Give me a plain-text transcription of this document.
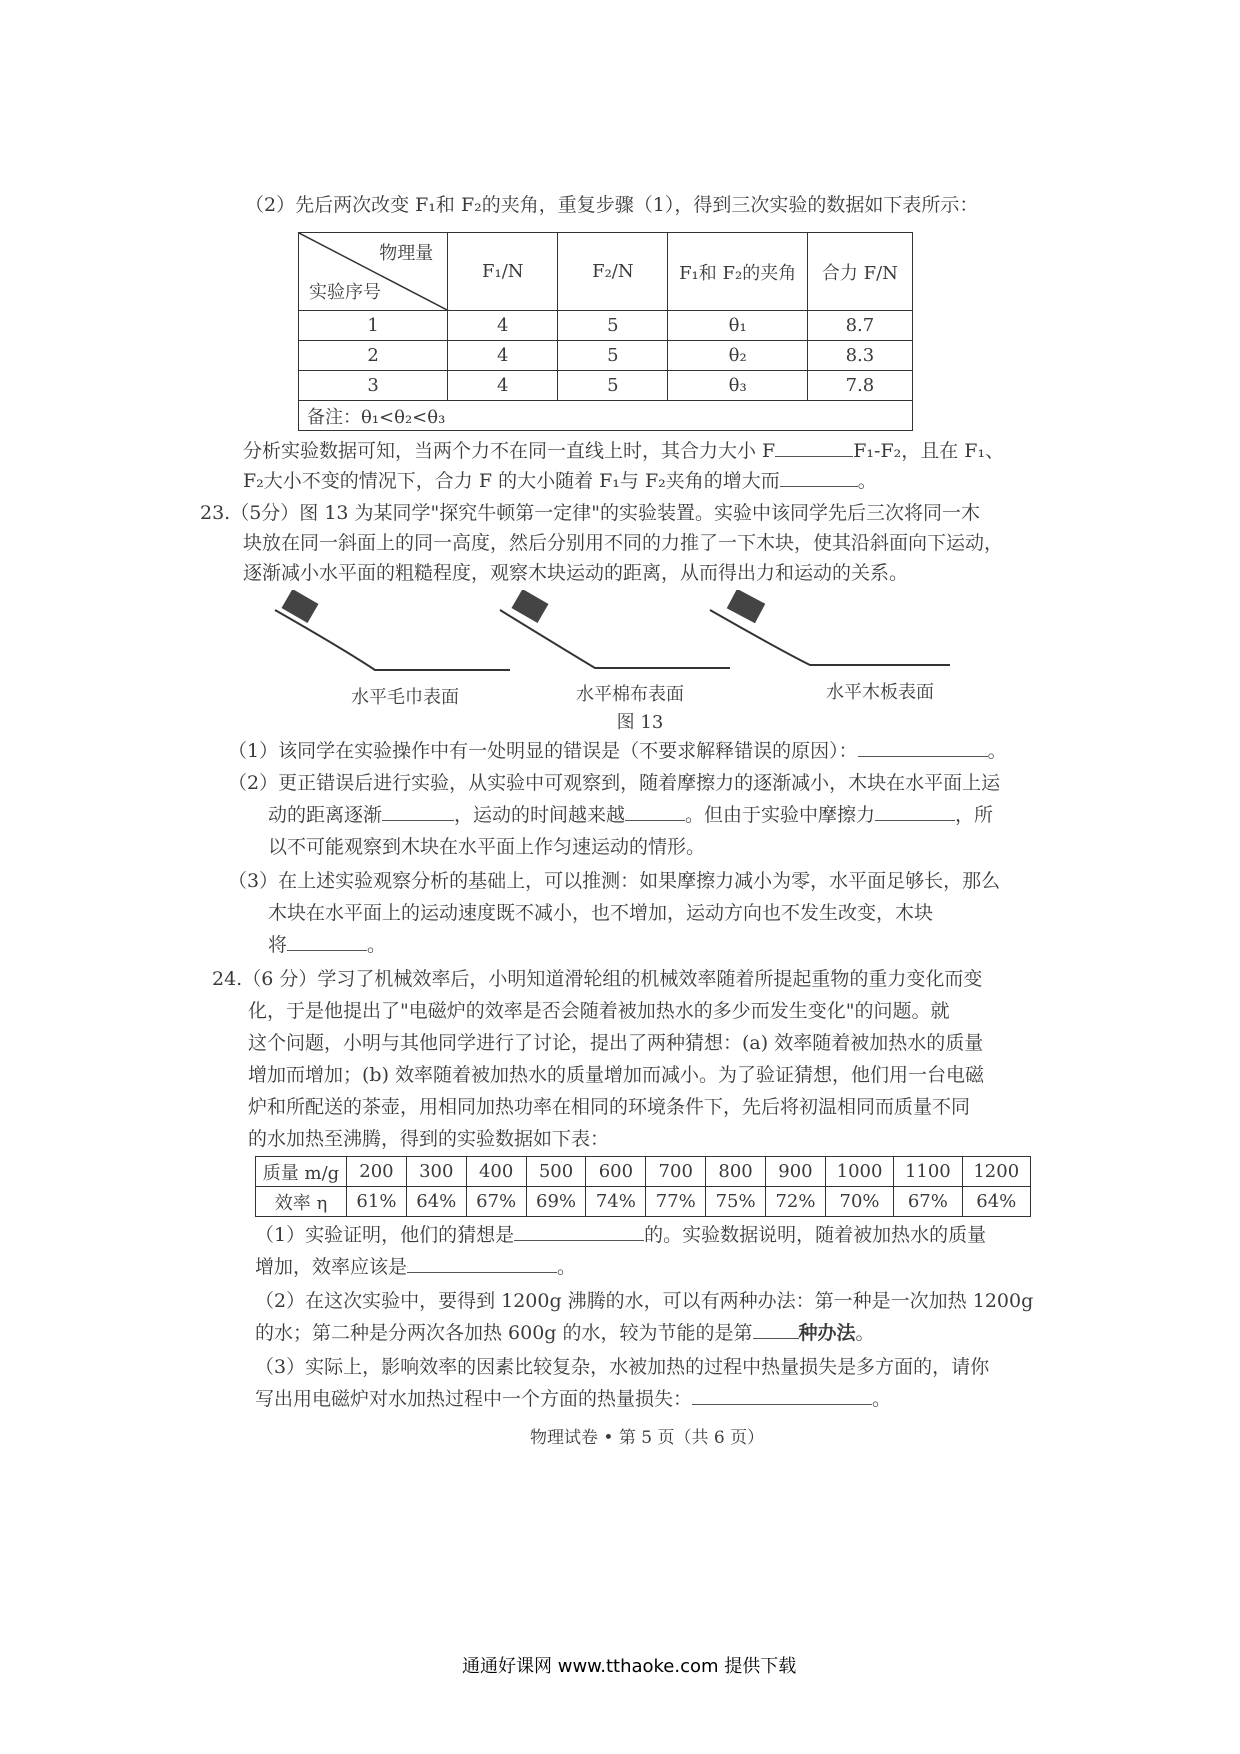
（2）先后两次改变 F₁和 F₂的夹角，重复步骤（1），得到三次实验的数据如下表所示：
物理量
实验序号	F₁/N	F₂/N	F₁和 F₂的夹角	合力 F/N
1	4	5	θ₁	8.7
2	4	5	θ₂	8.3
3	4	5	θ₃	7.8
备注：θ₁<θ₂<θ₃				
分析实验数据可知，当两个力不在同一直线上时，其合力大小 F	F₁-F₂，且在 F₁、
F₂大小不变的情况下，合力 F 的大小随着 F₁与 F₂夹角的增大而	。
23.（5分）图 13 为某同学"探究牛顿第一定律"的实验装置。实验中该同学先后三次将同一木
块放在同一斜面上的同一高度，然后分别用不同的力推了一下木块，使其沿斜面向下运动，
逐渐减小水平面的粗糙程度，观察木块运动的距离，从而得出力和运动的关系。
水平毛巾表面	水平棉布表面	水平木板表面
图 13
（1）该同学在实验操作中有一处明显的错误是（不要求解释错误的原因）：	。
（2）更正错误后进行实验，从实验中可观察到，随着摩擦力的逐渐减小，木块在水平面上运
动的距离逐渐	，运动的时间越来越	。但由于实验中摩擦力	，所
以不可能观察到木块在水平面上作匀速运动的情形。
（3）在上述实验观察分析的基础上，可以推测：如果摩擦力减小为零，水平面足够长，那么
木块在水平面上的运动速度既不减小，也不增加，运动方向也不发生改变，木块
将	。
24.（6 分）学习了机械效率后，小明知道滑轮组的机械效率随着所提起重物的重力变化而变
化，于是他提出了"电磁炉的效率是否会随着被加热水的多少而发生变化"的问题。就
这个问题，小明与其他同学进行了讨论，提出了两种猜想：(a) 效率随着被加热水的质量
增加而增加；(b) 效率随着被加热水的质量增加而减小。为了验证猜想，他们用一台电磁
炉和所配送的茶壶，用相同加热功率在相同的环境条件下，先后将初温相同而质量不同
的水加热至沸腾，得到的实验数据如下表：
质量 m/g	200	300	400	500	600	700	800	900	1000	1100	1200
效率 η	61%	64%	67%	69%	74%	77%	75%	72%	70%	67%	64%
（1）实验证明，他们的猜想是	的。实验数据说明，随着被加热水的质量
增加，效率应该是	。
（2）在这次实验中，要得到 1200g 沸腾的水，可以有两种办法：第一种是一次加热 1200g
的水；第二种是分两次各加热 600g 的水，较为节能的是第 种办法。
（3）实际上，影响效率的因素比较复杂，水被加热的过程中热量损失是多方面的，请你
写出用电磁炉对水加热过程中一个方面的热量损失：	。
物理试卷 • 第 5 页（共 6 页）
通通好课网 www.tthaoke.com 提供下载
